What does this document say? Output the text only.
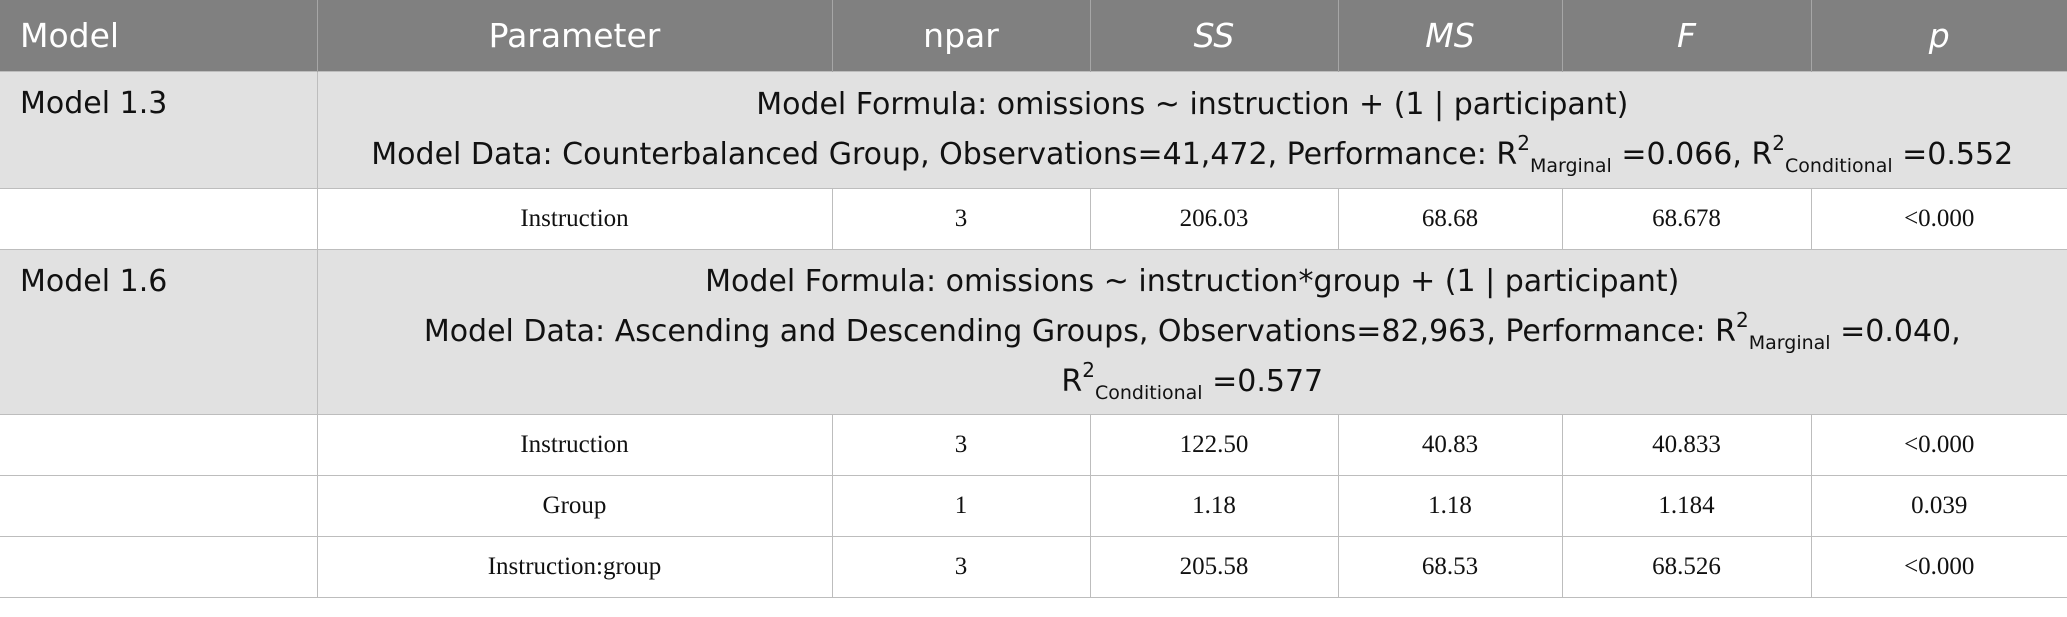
Model	Parameter	npar	SS	MS	F	p
Model 1.3	Model Formula: omissions ~ instruction + (1 | participant)
Model Data: Counterbalanced Group, Observations=41,472, Performance: $R^2_{Marginal} =0.066$, $R^2_{Conditional} =0.552$					

	Instruction	3	206.03	68.68	68.678	<0.000
Model 1.6	Model Formula: omissions ~ instruction*group + (1 | participant)
Model Data: Ascending and Descending Groups, Observations=82,963, Performance: $R^2_{Marginal} =0.040$,
$R^2_{Conditional} =0.577$					

	Instruction	3	122.50	40.83	40.833	<0.000
	Group	1	1.18	1.18	1.184	0.039
	Instruction:group	3	205.58	68.53	68.526	<0.000
